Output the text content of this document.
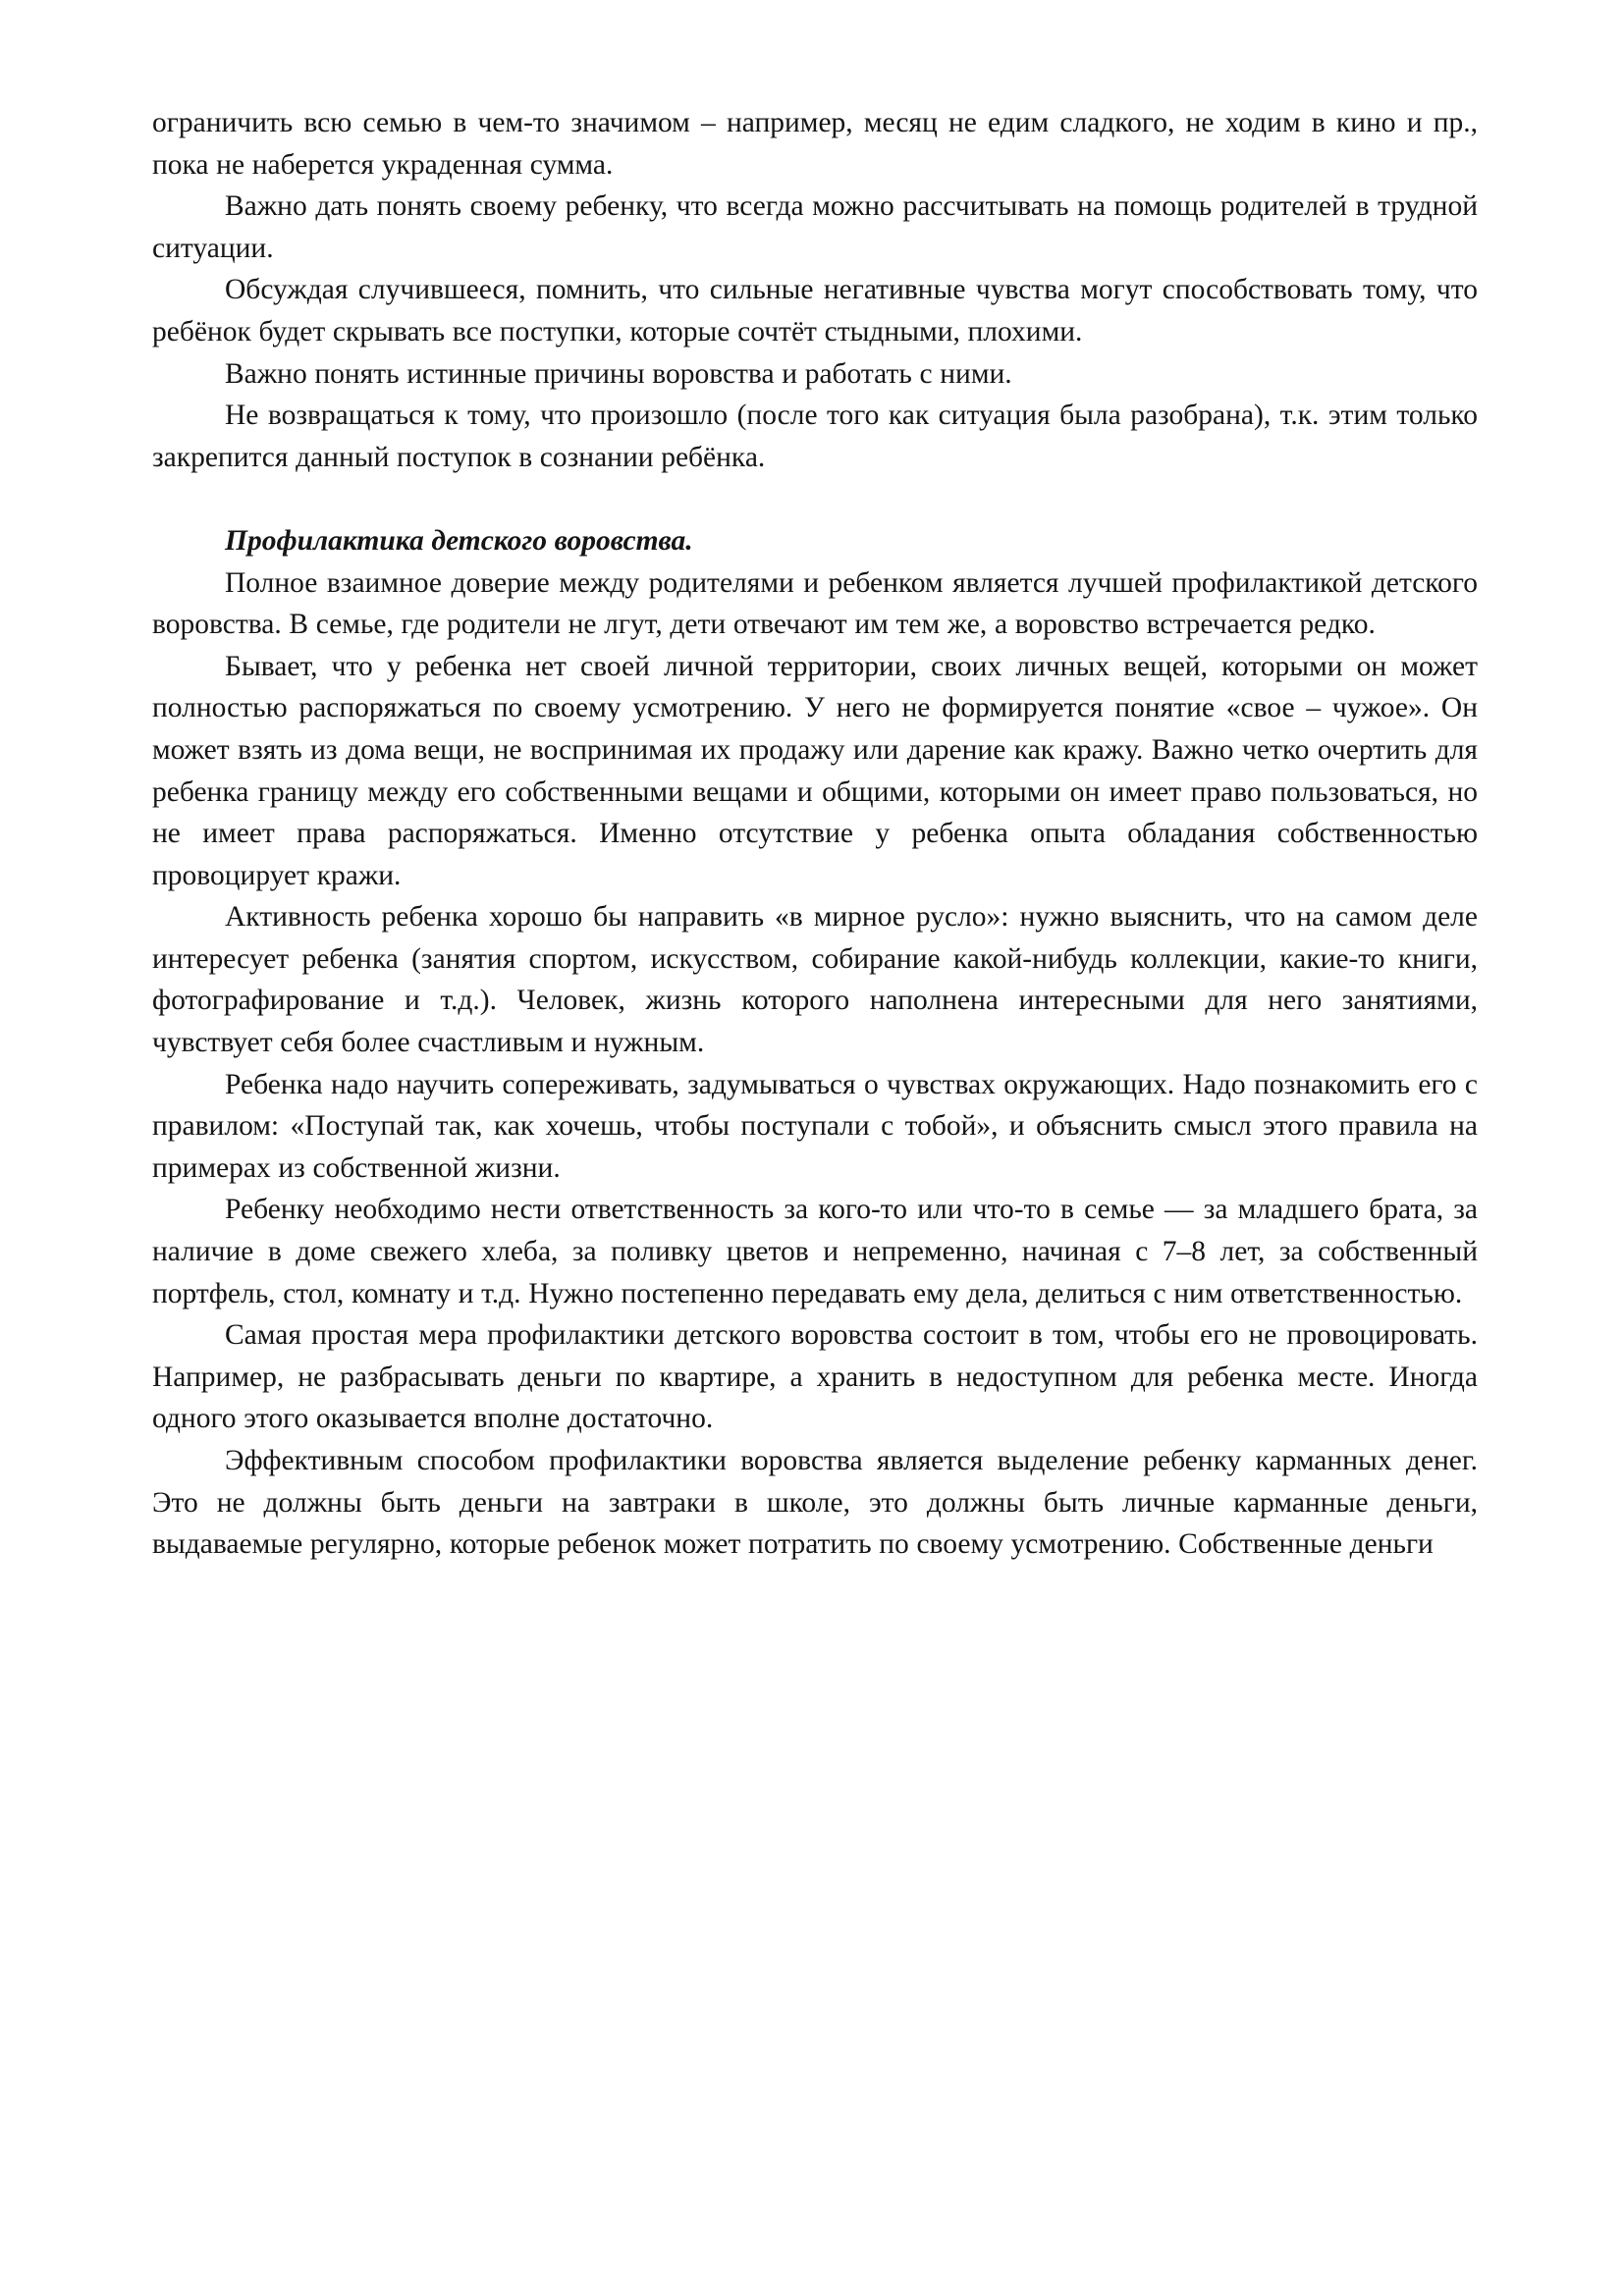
ограничить всю семью в чем-то значимом – например, месяц не едим сладкого, не ходим в кино и пр., пока не наберется украденная сумма.

Важно дать понять своему ребенку, что всегда можно рассчитывать на помощь родителей в трудной ситуации.

Обсуждая случившееся, помнить, что сильные негативные чувства могут способствовать тому, что ребёнок будет скрывать все поступки, которые сочтёт стыдными, плохими.

Важно понять истинные причины воровства и работать с ними.

Не возвращаться к тому, что произошло (после того как ситуация была разобрана), т.к. этим только закрепится данный поступок в сознании ребёнка.

Профилактика детского воровства.

Полное взаимное доверие между родителями и ребенком является лучшей профилактикой детского воровства. В семье, где родители не лгут, дети отвечают им тем же, а воровство встречается редко.

Бывает, что у ребенка нет своей личной территории, своих личных вещей, которыми он может полностью распоряжаться по своему усмотрению. У него не формируется понятие «свое – чужое». Он может взять из дома вещи, не воспринимая их продажу или дарение как кражу. Важно четко очертить для ребенка границу между его собственными вещами и общими, которыми он имеет право пользоваться, но не имеет права распоряжаться. Именно отсутствие у ребенка опыта обладания собственностью провоцирует кражи.

Активность ребенка хорошо бы направить «в мирное русло»: нужно выяснить, что на самом деле интересует ребенка (занятия спортом, искусством, собирание какой-нибудь коллекции, какие-то книги, фотографирование и т.д.). Человек, жизнь которого наполнена интересными для него занятиями, чувствует себя более счастливым и нужным.

Ребенка надо научить сопереживать, задумываться о чувствах окружающих. Надо познакомить его с правилом: «Поступай так, как хочешь, чтобы поступали с тобой», и объяснить смысл этого правила на примерах из собственной жизни.

Ребенку необходимо нести ответственность за кого-то или что-то в семье — за младшего брата, за наличие в доме свежего хлеба, за поливку цветов и непременно, начиная с 7–8 лет, за собственный портфель, стол, комнату и т.д. Нужно постепенно передавать ему дела, делиться с ним ответственностью.

Самая простая мера профилактики детского воровства состоит в том, чтобы его не провоцировать. Например, не разбрасывать деньги по квартире, а хранить в недоступном для ребенка месте. Иногда одного этого оказывается вполне достаточно.

Эффективным способом профилактики воровства является выделение ребенку карманных денег. Это не должны быть деньги на завтраки в школе, это должны быть личные карманные деньги, выдаваемые регулярно, которые ребенок может потратить по своему усмотрению. Собственные деньги
